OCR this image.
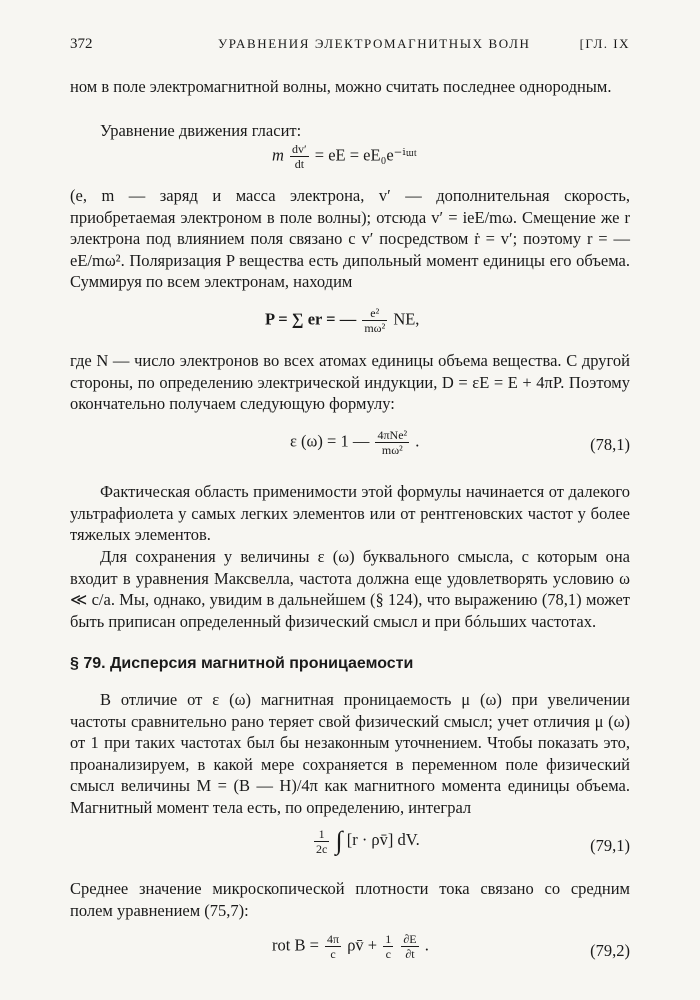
372	УРАВНЕНИЯ ЭЛЕКТРОМАГНИТНЫХ ВОЛН	[ГЛ. IX

ном в поле электромагнитной волны, можно считать последнее однородным.

Уравнение движения гласит:

m $\frac{dv'}{dt}$ = eE = eE₀e⁻ⁱᵚᵗ

(e, m — заряд и масса электрона, v′ — дополнительная скорость, приобретаемая электроном в поле волны); отсюда v′ = ieE/mω. Смещение же r электрона под влиянием поля связано с v′ посредством ṙ = v′; поэтому r = — eE/mω². Поляризация P вещества есть дипольный момент единицы его объема. Суммируя по всем электронам, находим

P = ∑ er = — $\frac{\text{e²}}{\text{mω²}}$ NE,

где N — число электронов во всех атомах единицы объема вещества. С другой стороны, по определению электрической индукции, D = εE = E + 4πP. Поэтому окончательно получаем следующую формулу:

ε (ω) = 1 — $\frac{\text{4πNe²}}{\text{mω²}}$ .	(78,1)

Фактическая область применимости этой формулы начинается от далекого ультрафиолета у самых легких элементов или от рентгеновских частот у более тяжелых элементов.

Для сохранения у величины ε (ω) буквального смысла, с которым она входит в уравнения Максвелла, частота должна еще удовлетворять условию ω ≪ c/a. Мы, однако, увидим в дальнейшем (§ 124), что выражению (78,1) может быть приписан определенный физический смысл и при бóльших частотах.

§ 79. Дисперсия магнитной проницаемости

В отличие от ε (ω) магнитная проницаемость μ (ω) при увеличении частоты сравнительно рано теряет свой физический смысл; учет отличия μ (ω) от 1 при таких частотах был бы незаконным уточнением. Чтобы показать это, проанализируем, в какой мере сохраняется в переменном поле физический смысл величины M = (B — H)/4π как магнитного момента единицы объема. Магнитный момент тела есть, по определению, интеграл

$\frac{1}{2c}$ ∫ [r · ρv̄] dV.	(79,1)

Среднее значение микроскопической плотности тока связано со средним полем уравнением (75,7):

rot $B = \frac{4\pi}{c}$ ρv̄ + $\frac{1}{c}$
$\frac{\partial E}{\partial t}$ .	(79,2)
